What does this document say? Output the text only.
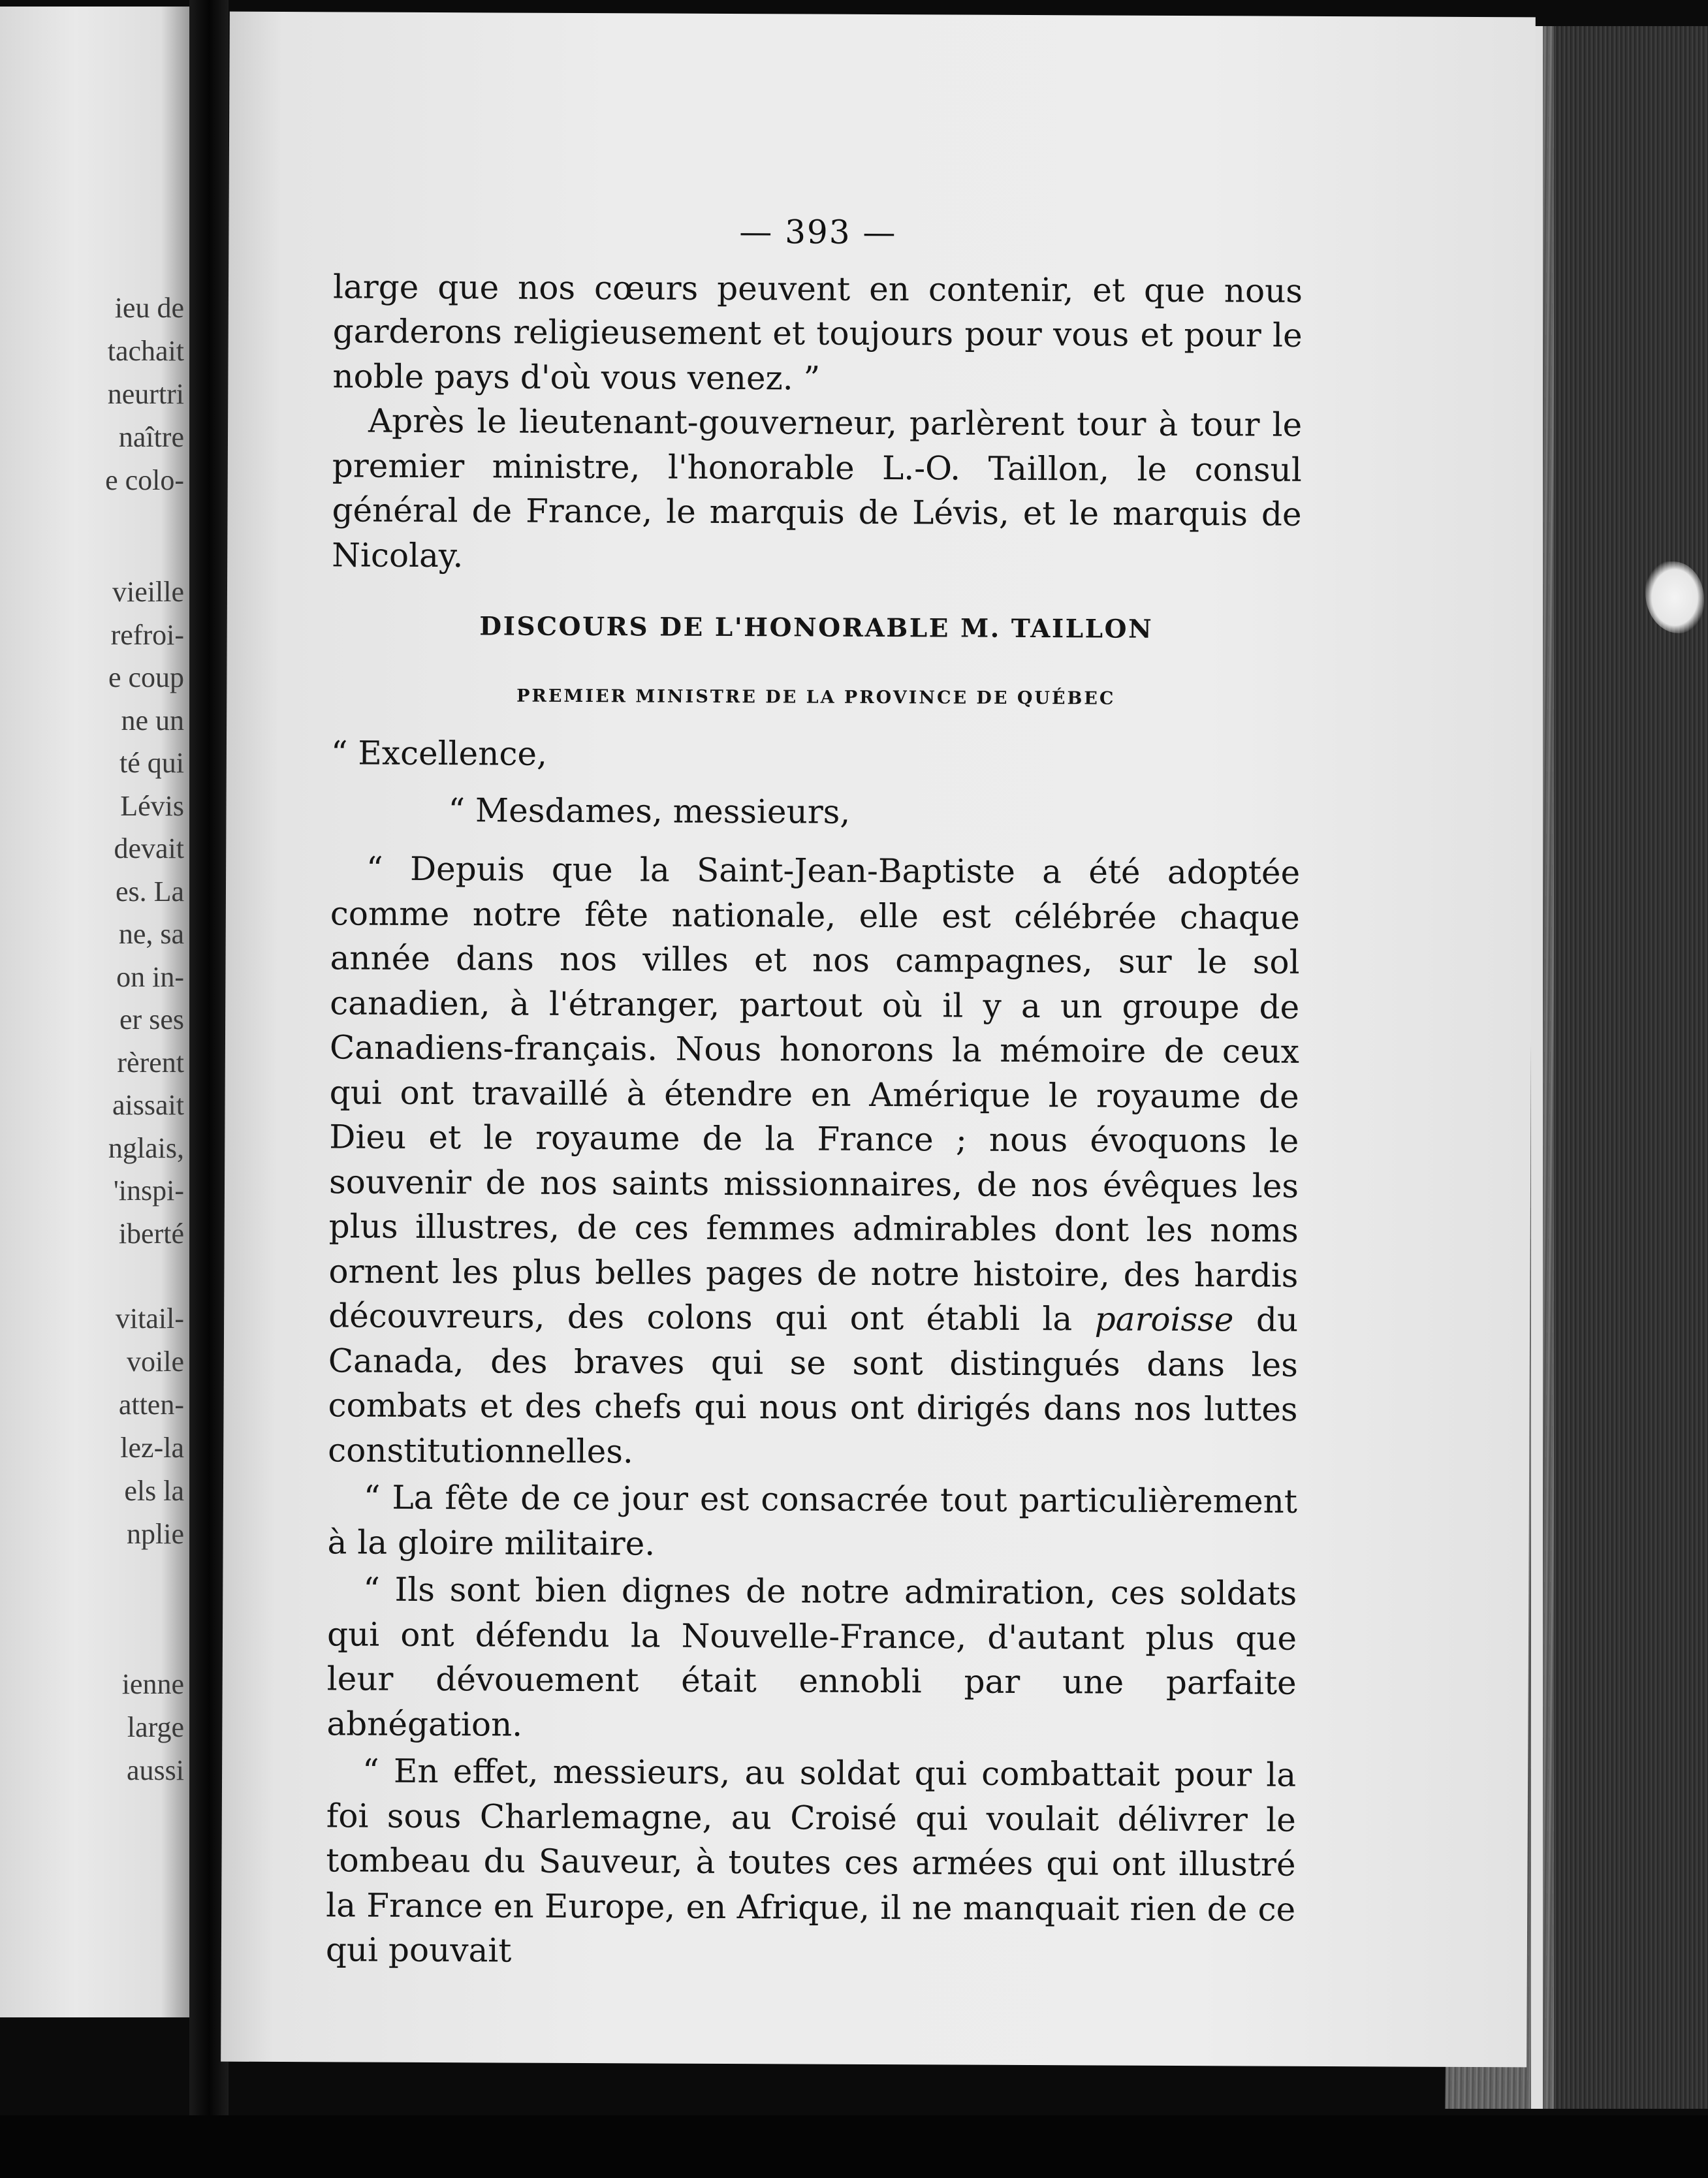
ieu de
tachait
neurtri
naître
e colo-
vieille
refroi-
e coup
ne un
té qui
Lévis
devait
es. La
ne, sa
on in-
er ses
rèrent
aissait
nglais,
'inspi-
iberté
vitail-
voile
atten-
lez-la
els la
nplie
ienne
large
aussi
— 393 —

large que nos cœurs peuvent en contenir, et que nous garderons religieusement et toujours pour vous et pour le noble pays d'où vous venez. ”

Après le lieutenant-gouverneur, parlèrent tour à tour le premier ministre, l'honorable L.-O. Taillon, le consul général de France, le marquis de Lévis, et le marquis de Nicolay.

DISCOURS DE L'HONORABLE M. TAILLON
PREMIER MINISTRE DE LA PROVINCE DE QUÉBEC

“ Excellence,

“ Mesdames, messieurs,

“ Depuis que la Saint-Jean-Baptiste a été adoptée comme notre fête nationale, elle est célébrée chaque année dans nos villes et nos campagnes, sur le sol canadien, à l'étranger, partout où il y a un groupe de Canadiens-français. Nous honorons la mémoire de ceux qui ont travaillé à étendre en Amérique le royaume de Dieu et le royaume de la France ; nous évoquons le souvenir de nos saints missionnaires, de nos évêques les plus illustres, de ces femmes admirables dont les noms ornent les plus belles pages de notre histoire, des hardis découvreurs, des colons qui ont établi la paroisse du Canada, des braves qui se sont distingués dans les combats et des chefs qui nous ont dirigés dans nos luttes constitutionnelles.

“ La fête de ce jour est consacrée tout particulièrement à la gloire militaire.

“ Ils sont bien dignes de notre admiration, ces soldats qui ont défendu la Nouvelle-France, d'autant plus que leur dévouement était ennobli par une parfaite abnégation.

“ En effet, messieurs, au soldat qui combattait pour la foi sous Charlemagne, au Croisé qui voulait délivrer le tombeau du Sauveur, à toutes ces armées qui ont illustré la France en Europe, en Afrique, il ne manquait rien de ce qui pouvait
